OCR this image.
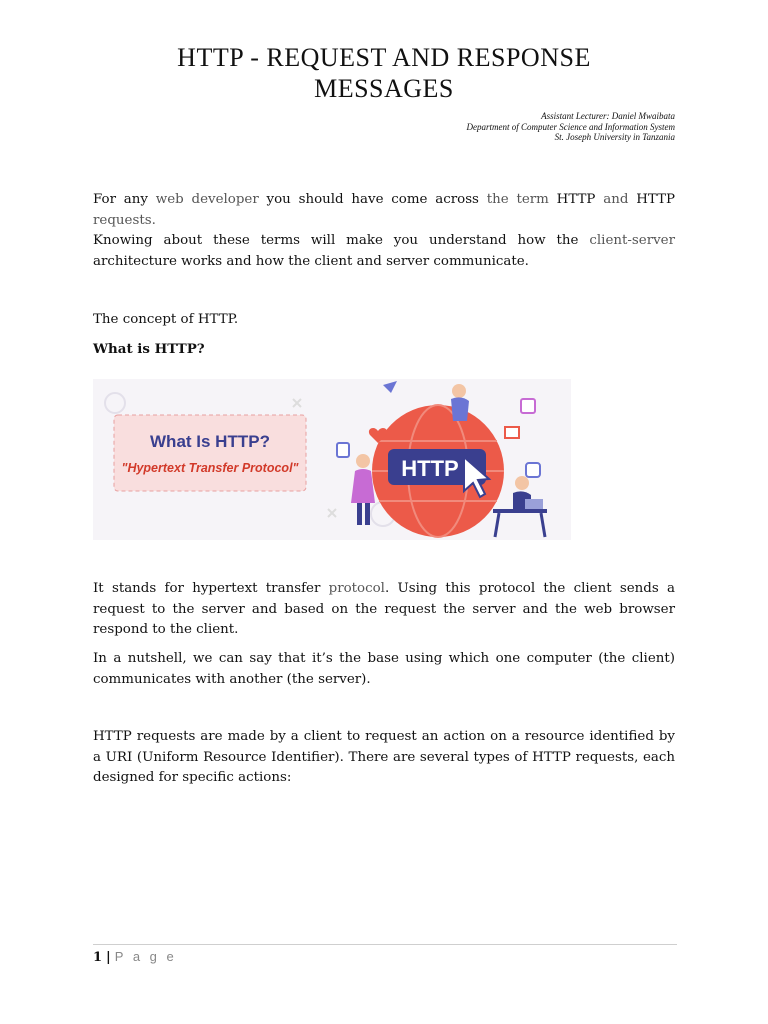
HTTP - REQUEST AND RESPONSE
MESSAGES
Assistant Lecturer: Daniel Mwaibata
Department of Computer Science and Information System
St. Joseph University in Tanzania
For any web developer you should have come across the term HTTP and HTTP requests.
Knowing about these terms will make you understand how the client-server architecture works and how the client and server communicate.
The concept of HTTP.
What is HTTP?
What Is HTTP?
"Hypertext Transfer Protocol"	HTTP
It stands for hypertext transfer protocol. Using this protocol the client sends a request to the server and based on the request the server and the web browser respond to the client.
In a nutshell, we can say that it’s the base using which one computer (the client) communicates with another (the server).
HTTP requests are made by a client to request an action on a resource identified by a URI (Uniform Resource Identifier). There are several types of HTTP requests, each designed for specific actions:
1 | P a g e
